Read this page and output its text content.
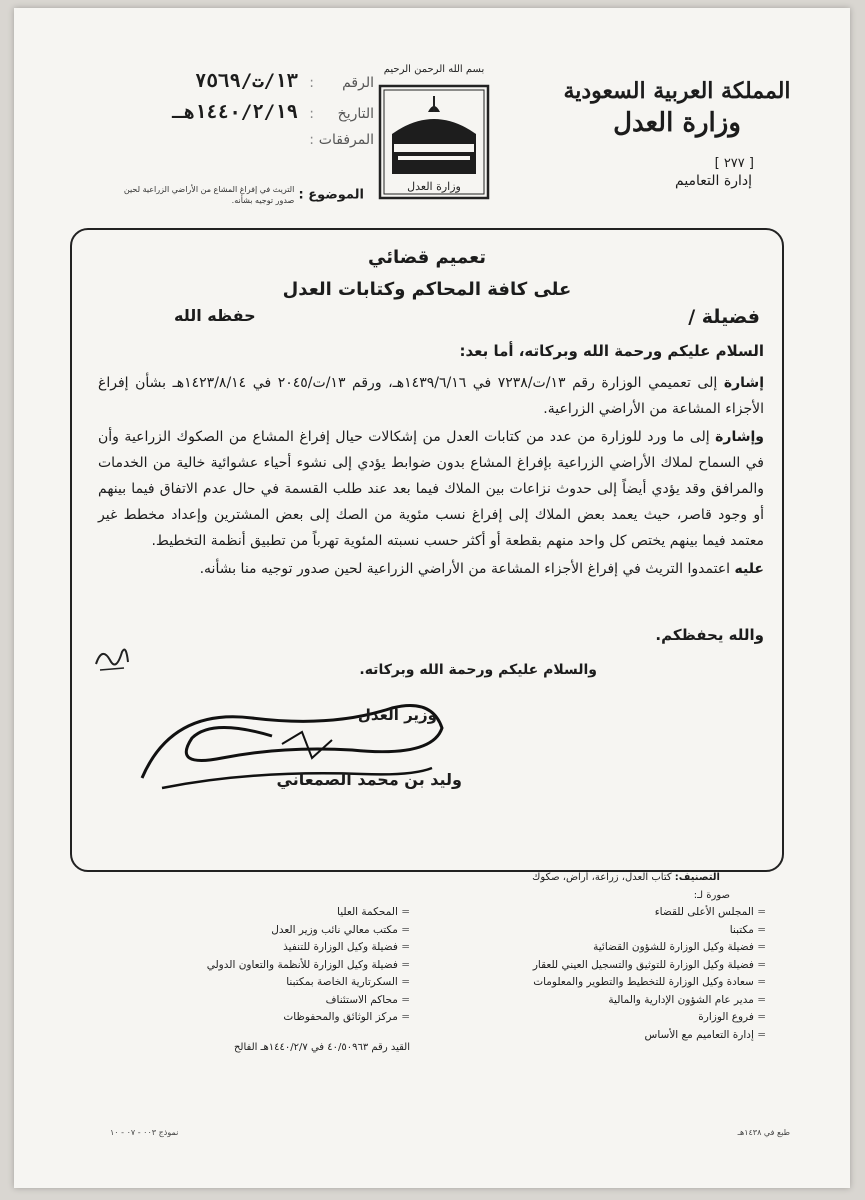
المملكة العربية السعودية
وزارة العدل
[ ٢٧٧ ]
إدارة التعاميم
بسم الله الرحمن الرحيم
وزارة العدل
الرقم
:
١٣/ت/٧٥٦٩
التاريخ
:
١٤٤٠/٢/١٩هـ
المرفقات
:
الموضوع : التريث في إفراغ المشاع من الأراضي الزراعية لحين صدور توجيه بشأنه.
تعميم قضائي
على كافة المحاكم وكتابات العدل
فضيلة /
حفظه الله
السلام عليكم ورحمة الله وبركاته، أما بعد:

إشارة إلى تعميمي الوزارة رقم ١٣/ت/٧٢٣٨ في ١٤٣٩/٦/١٦هـ، ورقم ١٣/ت/٢٠٤٥ في ١٤٢٣/٨/١٤هـ بشأن إفراغ الأجزاء المشاعة من الأراضي الزراعية.

وإشارة إلى ما ورد للوزارة من عدد من كتابات العدل من إشكالات حيال إفراغ المشاع من الصكوك الزراعية وأن في السماح لملاك الأراضي الزراعية بإفراغ المشاع بدون ضوابط يؤدي إلى نشوء أحياء عشوائية خالية من الخدمات والمرافق وقد يؤدي أيضاً إلى حدوث نزاعات بين الملاك فيما بعد عند طلب القسمة في حال عدم الاتفاق فيما بينهم أو وجود قاصر، حيث يعمد بعض الملاك إلى إفراغ نسب مئوية من الصك إلى بعض المشترين وإعداد مخطط غير معتمد فيما بينهم يختص كل واحد منهم بقطعة أو أكثر حسب نسبته المئوية تهرباً من تطبيق أنظمة التخطيط.

عليه اعتمدوا التريث في إفراغ الأجزاء المشاعة من الأراضي الزراعية لحين صدور توجيه منا بشأنه.

والله يحفظكم.
والسلام عليكم ورحمة الله وبركاته.
وزير العدل
وليد بن محمد الصمعاني
التصنيف: كتاب العدل، زراعة، أراض، صكوك
صورة لـ:
= المجلس الأعلى للقضاء
= مكتبنا
= فضيلة وكيل الوزارة للشؤون القضائية
= فضيلة وكيل الوزارة للتوثيق والتسجيل العيني للعقار
= سعادة وكيل الوزارة للتخطيط والتطوير والمعلومات
= مدير عام الشؤون الإدارية والمالية
= فروع الوزارة
= إدارة التعاميم مع الأساس
= المحكمة العليا
= مكتب معالي نائب وزير العدل
= فضيلة وكيل الوزارة للتنفيذ
= فضيلة وكيل الوزارة للأنظمة والتعاون الدولي
= السكرتارية الخاصة بمكتبنا
= محاكم الاستئناف
= مركز الوثائق والمحفوظات
القيد رقم ٤٠/٥٠٩٦٣ في ١٤٤٠/٢/٧هـ الفالح
طبع في ١٤٣٨هـ
نموذج ٠٠٣ - ٠٧ - ١٠
